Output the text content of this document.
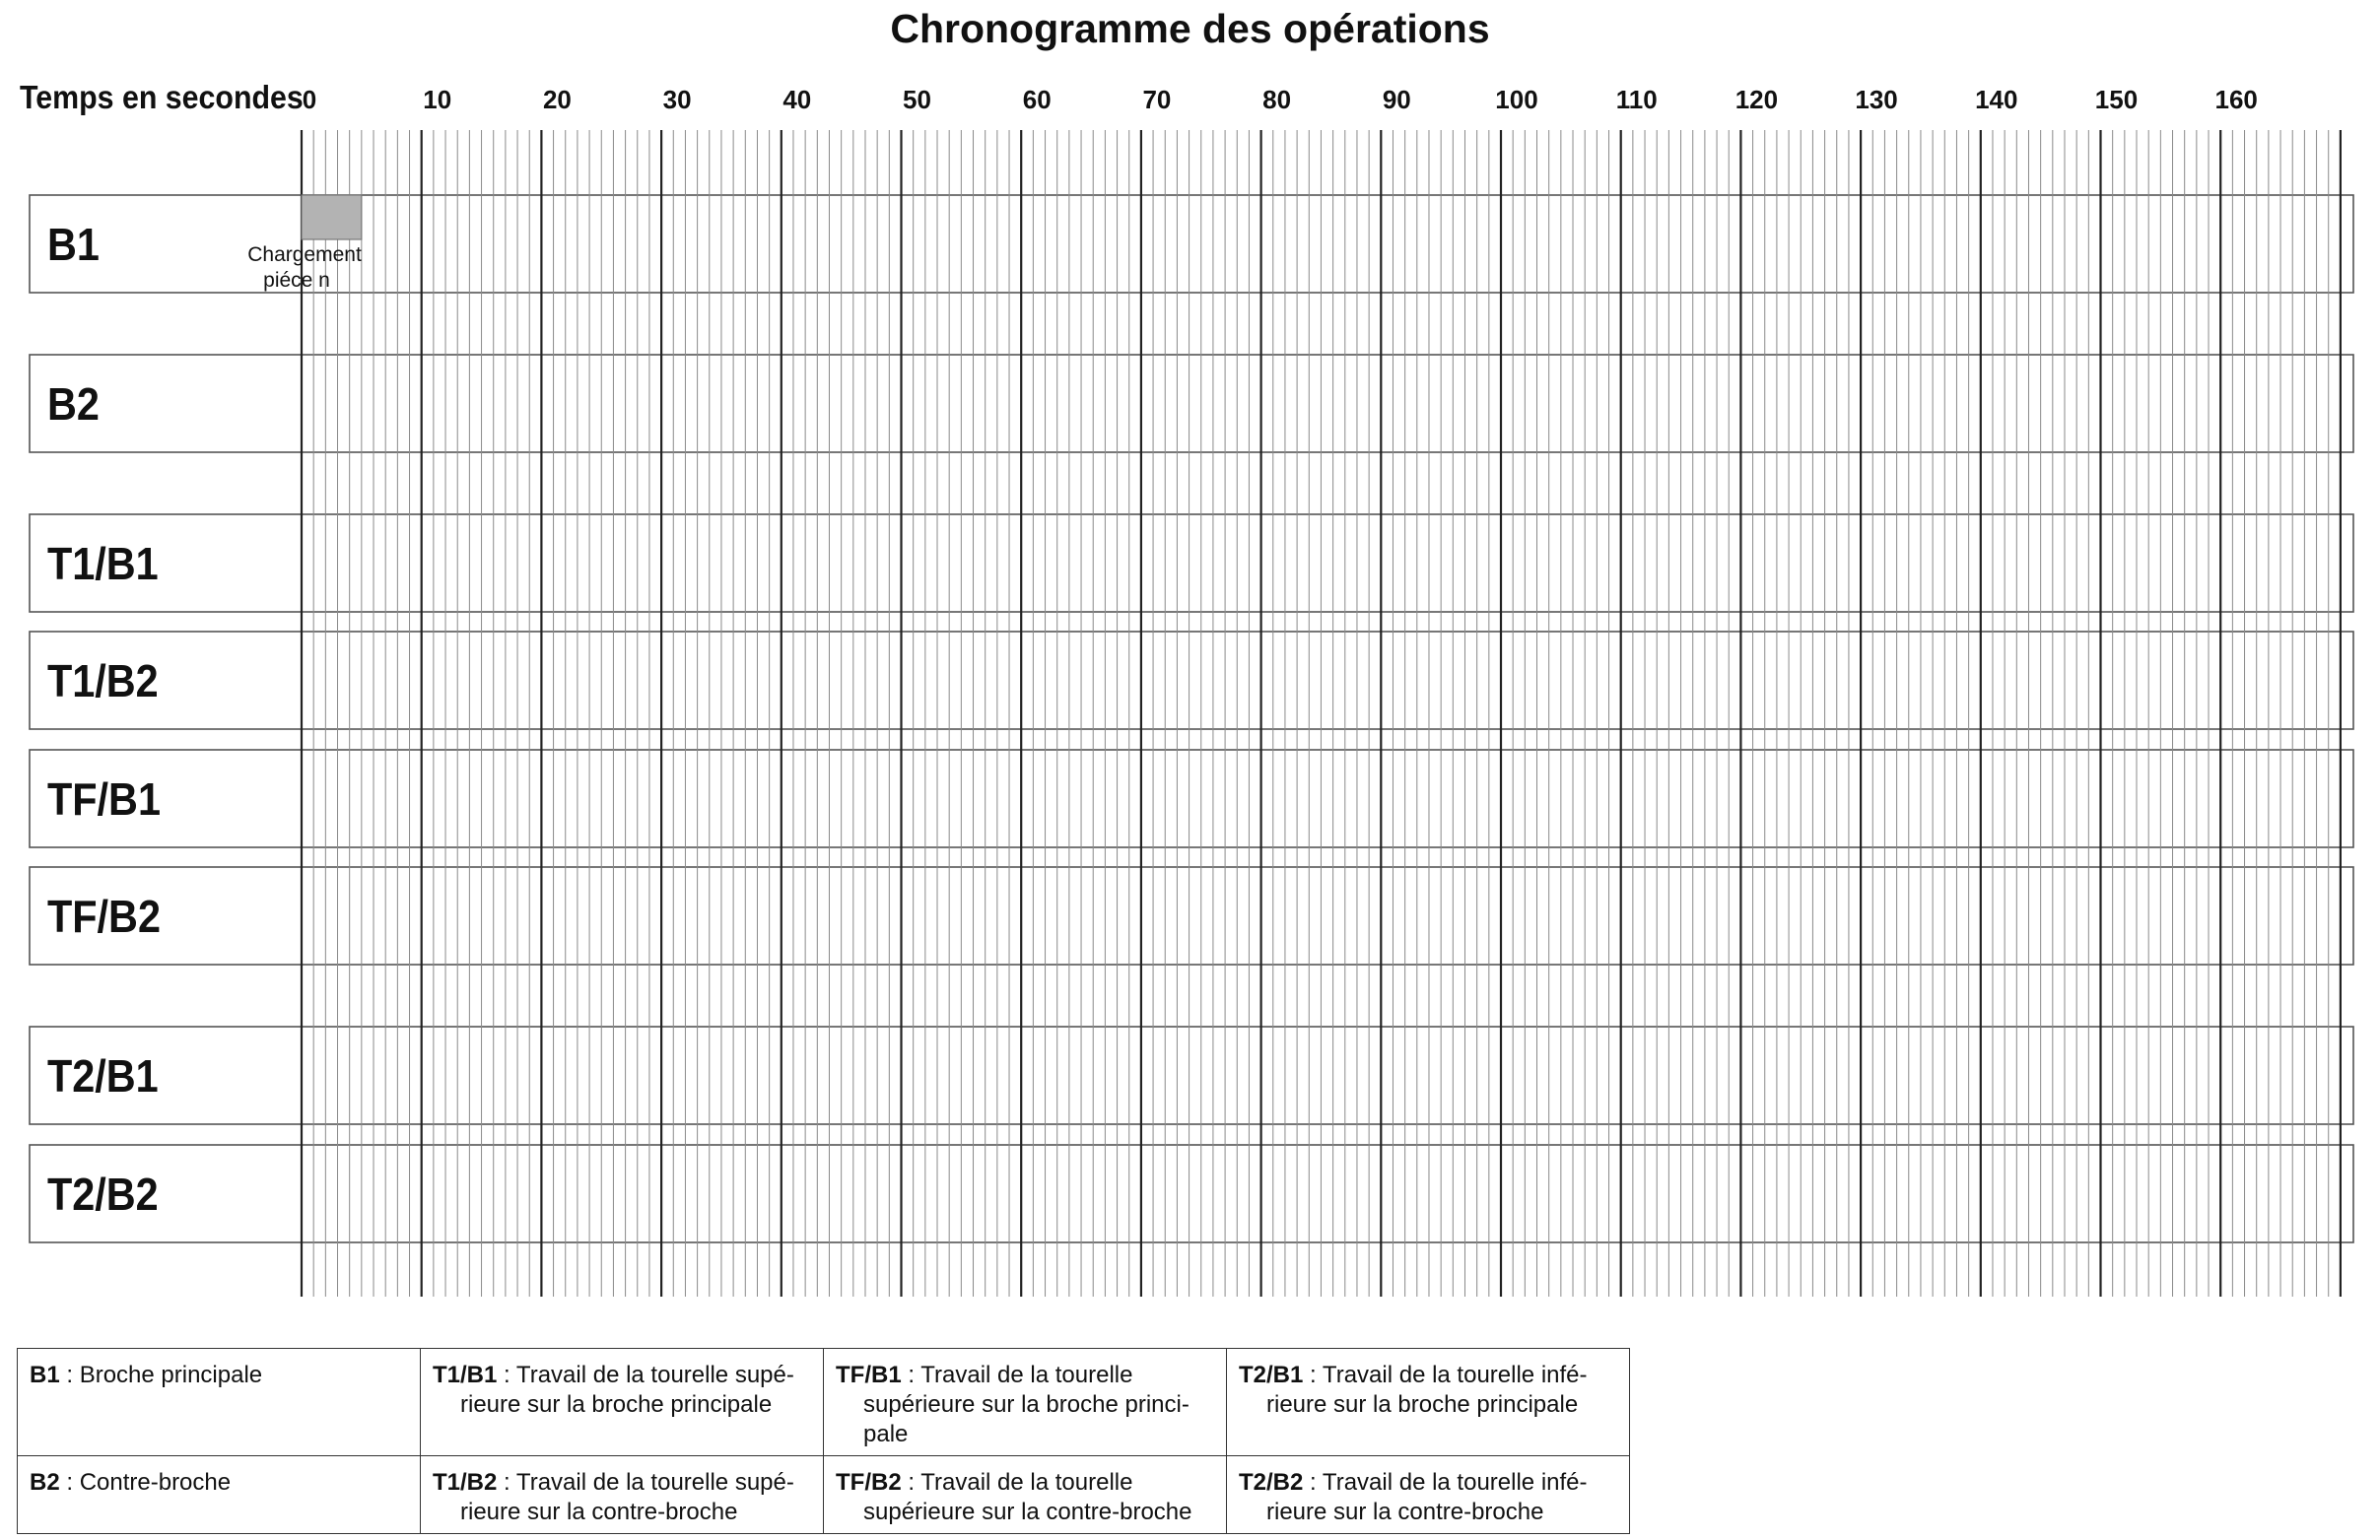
Chronogramme des opérations
Temps en secondes
B1
B2
T1/B1
T1/B2
TF/B1
TF/B2
T2/B1
T2/B2
0	10	20	30	40	50	60	70	80	90	100	110	120	130	140	150	160
Chargement
piéce n
B1 : Broche principale	T1/B1 : Travail de la tourelle supé-rieure sur la broche principale	TF/B1 : Travail de la tourelle supérieure sur la broche princi-pale	T2/B1 : Travail de la tourelle infé-rieure sur la broche principale

B2 : Contre-broche	T1/B2 : Travail de la tourelle supé-rieure sur la contre-broche	TF/B2 : Travail de la tourelle supérieure sur la contre-broche	T2/B2 : Travail de la tourelle infé-rieure sur la contre-broche
